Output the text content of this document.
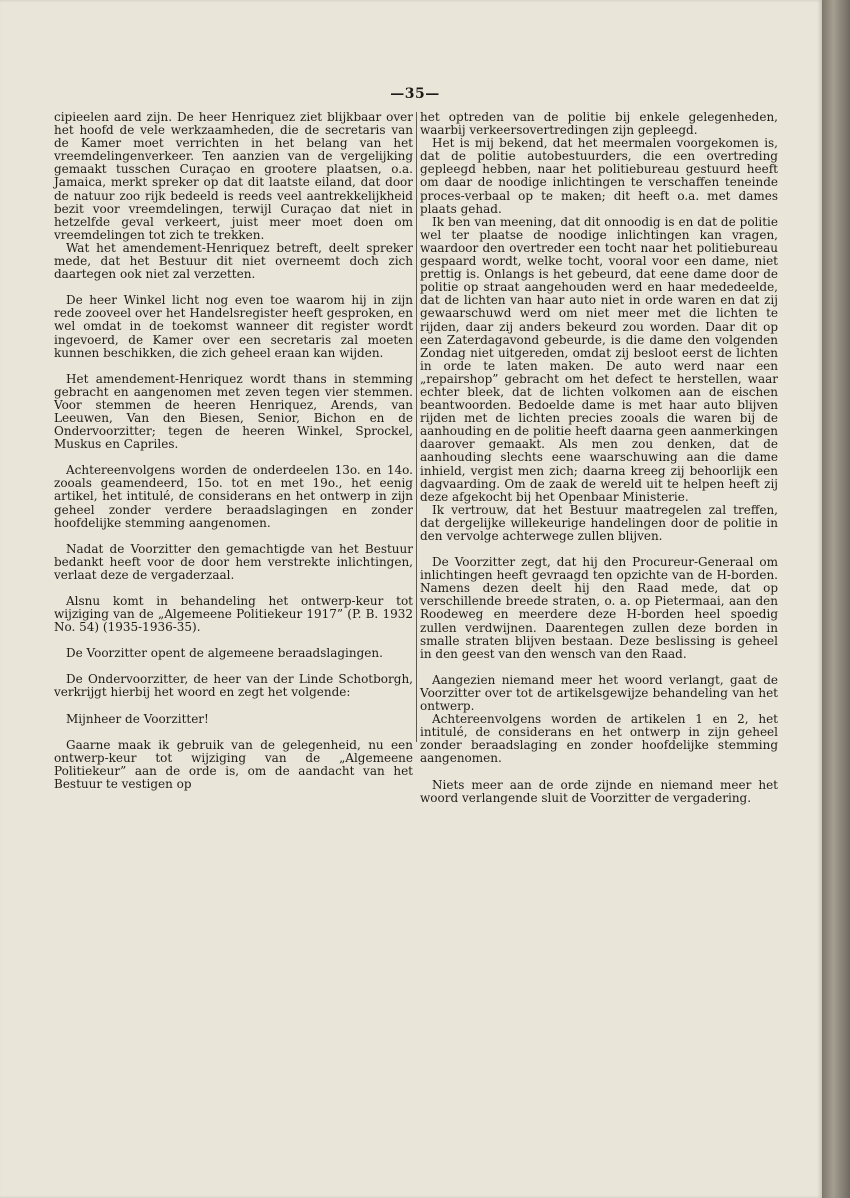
—35—

cipieelen aard zijn. De heer Henriquez ziet blijkbaar over het hoofd de vele werkzaamheden, die de secretaris van de Kamer moet verrichten in het belang van het vreemdelingenverkeer. Ten aanzien van de vergelijking gemaakt tusschen Curaçao en grootere plaatsen, o.a. Jamaica, merkt spreker op dat dit laatste eiland, dat door de natuur zoo rijk bedeeld is reeds veel aantrekkelijkheid bezit voor vreemdelingen, terwijl Curaçao dat niet in hetzelfde geval verkeert, juist meer moet doen om vreemdelingen tot zich te trekken.

Wat het amendement-Henriquez betreft, deelt spreker mede, dat het Bestuur dit niet overneemt doch zich daartegen ook niet zal verzetten.

De heer Winkel licht nog even toe waarom hij in zijn rede zooveel over het Handelsregister heeft gesproken, en wel omdat in de toekomst wanneer dit register wordt ingevoerd, de Kamer over een secretaris zal moeten kunnen beschikken, die zich geheel eraan kan wijden.

Het amendement-Henriquez wordt thans in stemming gebracht en aangenomen met zeven tegen vier stemmen. Voor stemmen de heeren Henriquez, Arends, van Leeuwen, Van den Biesen, Senior, Bichon en de Ondervoorzitter; tegen de heeren Winkel, Sprockel, Muskus en Capriles.

Achtereenvolgens worden de onderdeelen 13o. en 14o. zooals geamendeerd, 15o. tot en met 19o., het eenig artikel, het intitulé, de considerans en het ontwerp in zijn geheel zonder verdere beraadslagingen en zonder hoofdelijke stemming aangenomen.

Nadat de Voorzitter den gemachtigde van het Bestuur bedankt heeft voor de door hem verstrekte inlichtingen, verlaat deze de vergaderzaal.

Alsnu komt in behandeling het ontwerp-keur tot wijziging van de „Algemeene Politiekeur 1917” (P. B. 1932 No. 54) (1935-1936-35).

De Voorzitter opent de algemeene beraadslagingen.

De Ondervoorzitter, de heer van der Linde Schotborgh, verkrijgt hierbij het woord en zegt het volgende:

Mijnheer de Voorzitter!

Gaarne maak ik gebruik van de gelegenheid, nu een ontwerp-keur tot wijziging van de „Algemeene Politiekeur” aan de orde is, om de aandacht van het Bestuur te vestigen op

het optreden van de politie bij enkele gelegenheden, waarbij verkeersovertredingen zijn gepleegd.

Het is mij bekend, dat het meermalen voorgekomen is, dat de politie autobestuurders, die een overtreding gepleegd hebben, naar het politiebureau gestuurd heeft om daar de noodige inlichtingen te verschaffen teneinde proces-verbaal op te maken; dit heeft o.a. met dames plaats gehad.

Ik ben van meening, dat dit onnoodig is en dat de politie wel ter plaatse de noodige inlichtingen kan vragen, waardoor den overtreder een tocht naar het politiebureau gespaard wordt, welke tocht, vooral voor een dame, niet prettig is. Onlangs is het gebeurd, dat eene dame door de politie op straat aangehouden werd en haar mededeelde, dat de lichten van haar auto niet in orde waren en dat zij gewaarschuwd werd om niet meer met die lichten te rijden, daar zij anders bekeurd zou worden. Daar dit op een Zaterdagavond gebeurde, is die dame den volgenden Zondag niet uitgereden, omdat zij besloot eerst de lichten in orde te laten maken. De auto werd naar een „repairshop” gebracht om het defect te herstellen, waar echter bleek, dat de lichten volkomen aan de eischen beantwoorden. Bedoelde dame is met haar auto blijven rijden met de lichten precies zooals die waren bij de aanhouding en de politie heeft daarna geen aanmerkingen daarover gemaakt. Als men zou denken, dat de aanhouding slechts eene waarschuwing aan die dame inhield, vergist men zich; daarna kreeg zij behoorlijk een dagvaarding. Om de zaak de wereld uit te helpen heeft zij deze afgekocht bij het Openbaar Ministerie.

Ik vertrouw, dat het Bestuur maatregelen zal treffen, dat dergelijke willekeurige handelingen door de politie in den vervolge achterwege zullen blijven.

De Voorzitter zegt, dat hij den Procureur-Generaal om inlichtingen heeft gevraagd ten opzichte van de H-borden. Namens dezen deelt hij den Raad mede, dat op verschillende breede straten, o. a. op Pietermaai, aan den Roodeweg en meerdere deze H-borden heel spoedig zullen verdwijnen. Daarentegen zullen deze borden in smalle straten blijven bestaan. Deze beslissing is geheel in den geest van den wensch van den Raad.

Aangezien niemand meer het woord verlangt, gaat de Voorzitter over tot de artikelsgewijze behandeling van het ontwerp.

Achtereenvolgens worden de artikelen 1 en 2, het intitulé, de considerans en het ontwerp in zijn geheel zonder beraadslaging en zonder hoofdelijke stemming aangenomen.

Niets meer aan de orde zijnde en niemand meer het woord verlangende sluit de Voorzitter de vergadering.
